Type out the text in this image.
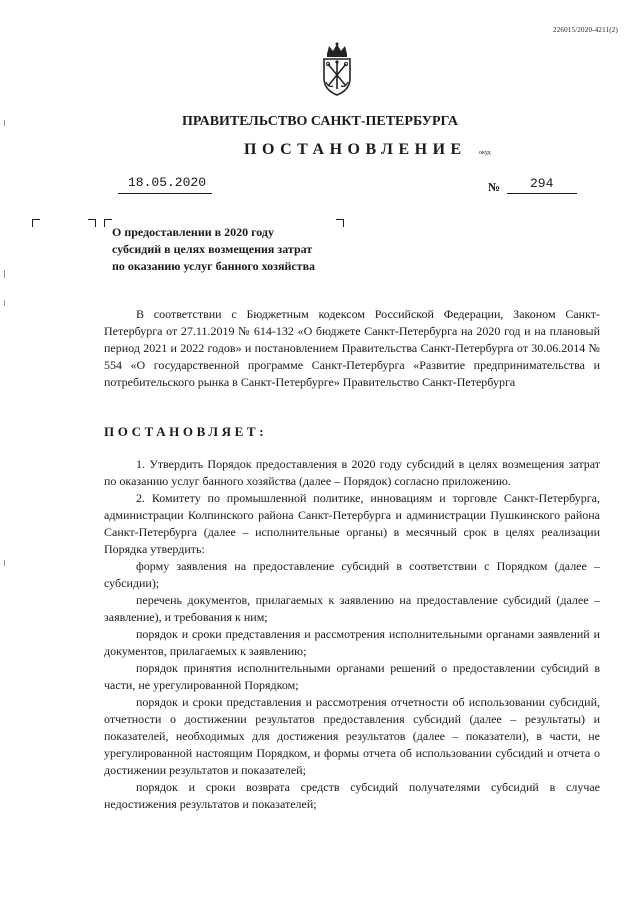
226015/2020-4211(2)
ПРАВИТЕЛЬСТВО САНКТ-ПЕТЕРБУРГА
ПОСТАНОВЛЕНИЕ окуд
18.05.2020	№ 294
О предоставлении в 2020 году
субсидий в целях возмещения затрат
по оказанию услуг банного хозяйства

В соответствии с Бюджетным кодексом Российской Федерации, Законом Санкт-Петербурга от 27.11.2019 № 614-132 «О бюджете Санкт-Петербурга на 2020 год и на плановый период 2021 и 2022 годов» и постановлением Правительства Санкт-Петербурга от 30.06.2014 № 554 «О государственной программе Санкт-Петербурга «Развитие предпринимательства и потребительского рынка в Санкт-Петербурге» Правительство Санкт-Петербурга

ПОСТАНОВЛЯЕТ:

1. Утвердить Порядок предоставления в 2020 году субсидий в целях возмещения затрат по оказанию услуг банного хозяйства (далее – Порядок) согласно приложению.

2. Комитету по промышленной политике, инновациям и торговле Санкт-Петербурга, администрации Колпинского района Санкт-Петербурга и администрации Пушкинского района Санкт-Петербурга (далее – исполнительные органы) в месячный срок в целях реализации Порядка утвердить:

форму заявления на предоставление субсидий в соответствии с Порядком (далее – субсидии);

перечень документов, прилагаемых к заявлению на предоставление субсидий (далее – заявление), и требования к ним;

порядок и сроки представления и рассмотрения исполнительными органами заявлений и документов, прилагаемых к заявлению;

порядок принятия исполнительными органами решений о предоставлении субсидий в части, не урегулированной Порядком;

порядок и сроки представления и рассмотрения отчетности об использовании субсидий, отчетности о достижении результатов предоставления субсидий (далее – результаты) и показателей, необходимых для достижения результатов (далее – показатели), в части, не урегулированной настоящим Порядком, и формы отчета об использовании субсидий и отчета о достижении результатов и показателей;

порядок и сроки возврата средств субсидий получателями субсидий в случае недостижения результатов и показателей;
